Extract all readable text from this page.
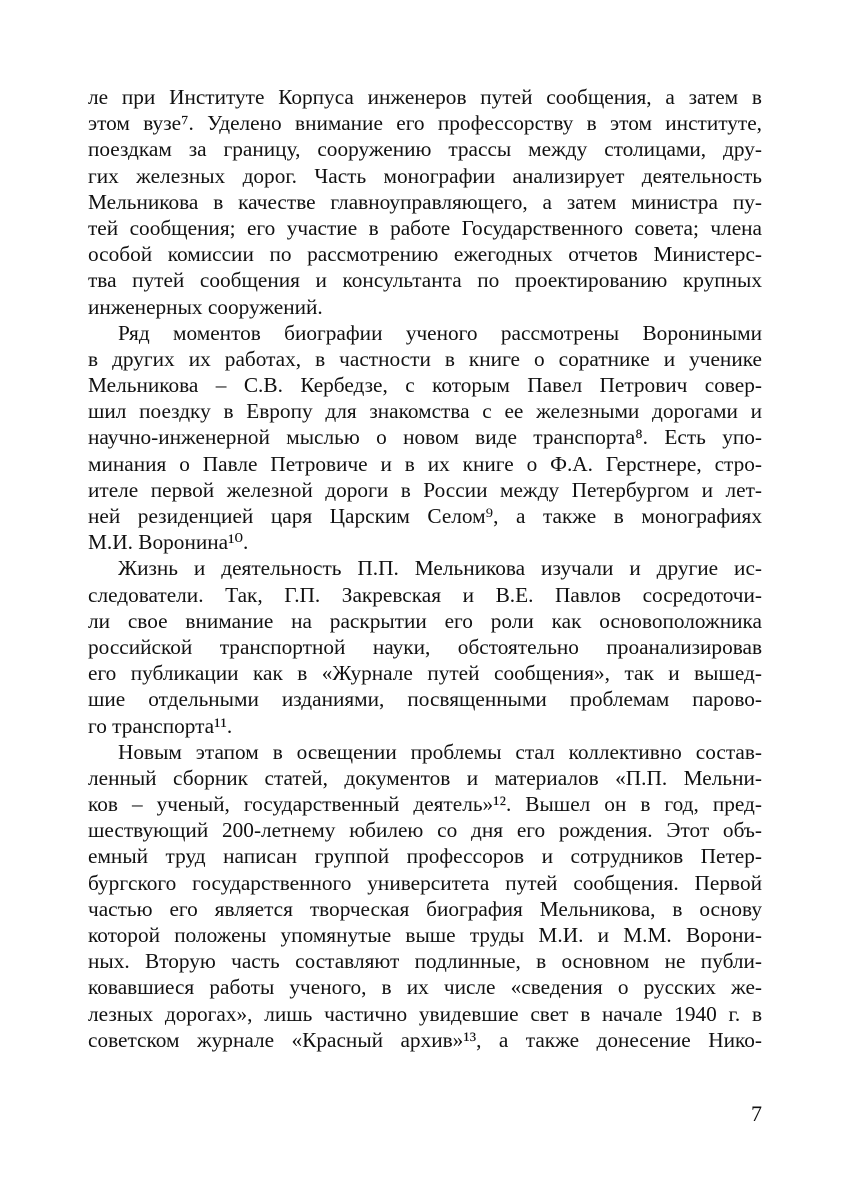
ле при Институте Корпуса инженеров путей сообщения, а затем в
этом вузе⁷. Уделено внимание его профессорству в этом институте,
поездкам за границу, сооружению трассы между столицами, дру-
гих железных дорог. Часть монографии анализирует деятельность
Мельникова в качестве главноуправляющего, а затем министра пу-
тей сообщения; его участие в работе Государственного совета; члена
особой комиссии по рассмотрению ежегодных отчетов Министерс-
тва путей сообщения и консультанта по проектированию крупных
инженерных сооружений.
Ряд моментов биографии ученого рассмотрены Ворониными
в других их работах, в частности в книге о соратнике и ученике
Мельникова – С.В. Кербедзе, с которым Павел Петрович совер-
шил поездку в Европу для знакомства с ее железными дорогами и
научно-инженерной мыслью о новом виде транспорта⁸. Есть упо-
минания о Павле Петровиче и в их книге о Ф.А. Герстнере, стро-
ителе первой железной дороги в России между Петербургом и лет-
ней резиденцией царя Царским Селом⁹, а также в монографиях
М.И. Воронина¹⁰.
Жизнь и деятельность П.П. Мельникова изучали и другие ис-
следователи. Так, Г.П. Закревская и В.Е. Павлов сосредоточи-
ли свое внимание на раскрытии его роли как основоположника
российской транспортной науки, обстоятельно проанализировав
его публикации как в «Журнале путей сообщения», так и вышед-
шие отдельными изданиями, посвященными проблемам парово-
го транспорта¹¹.
Новым этапом в освещении проблемы стал коллективно состав-
ленный сборник статей, документов и материалов «П.П. Мельни-
ков – ученый, государственный деятель»¹². Вышел он в год, пред-
шествующий 200-летнему юбилею со дня его рождения. Этот объ-
емный труд написан группой профессоров и сотрудников Петер-
бургского государственного университета путей сообщения. Первой
частью его является творческая биография Мельникова, в основу
которой положены упомянутые выше труды М.И. и М.М. Ворони-
ных. Вторую часть составляют подлинные, в основном не публи-
ковавшиеся работы ученого, в их числе «сведения о русских же-
лезных дорогах», лишь частично увидевшие свет в начале 1940 г. в
советском журнале «Красный архив»¹³, а также донесение Нико-
7
